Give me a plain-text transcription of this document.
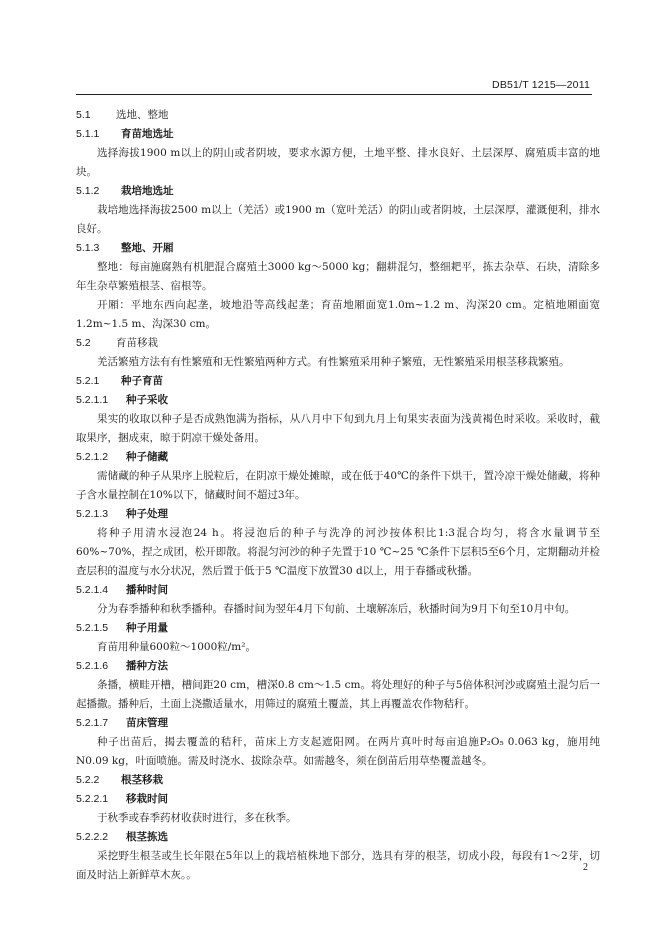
DB51/T 1215—2011
5.1 选地、整地
5.1.1 育苗地选址

选择海拔1900 m以上的阴山或者阴坡，要求水源方便，土地平整、排水良好、土层深厚、腐殖质丰富的地块。

5.1.2 栽培地选址

栽培地选择海拔2500 m以上（羌活）或1900 m（宽叶羌活）的阴山或者阴坡，土层深厚，灌溉便利，排水良好。

5.1.3 整地、开厢

整地：每亩施腐熟有机肥混合腐殖土3000 kg～5000 kg；翻耕混匀，整细耙平，拣去杂草、石块，清除多年生杂草繁殖根茎、宿根等。

开厢：平地东西向起垄，坡地沿等高线起垄；育苗地厢面宽1.0m~1.2 m、沟深20 cm。定植地厢面宽1.2m~1.5 m、沟深30 cm。

5.2 育苗移栽

羌活繁殖方法有有性繁殖和无性繁殖两种方式。有性繁殖采用种子繁殖，无性繁殖采用根茎移栽繁殖。

5.2.1 种子育苗
5.2.1.1 种子采收

果实的收取以种子是否成熟饱满为指标，从八月中下旬到九月上旬果实表面为浅黄褐色时采收。采收时，截取果序，捆成束，晾于阴凉干燥处备用。

5.2.1.2 种子储藏

需储藏的种子从果序上脱粒后，在阴凉干燥处摊晾，或在低于40℃的条件下烘干，置冷凉干燥处储藏，将种子含水量控制在10%以下，储藏时间不超过3年。

5.2.1.3 种子处理

将种子用清水浸泡24 h。将浸泡后的种子与洗净的河沙按体积比1:3混合均匀，将含水量调节至60%~70%，捏之成团，松开即散。将混匀河沙的种子先置于10 ℃~25 ℃条件下层积5至6个月，定期翻动并检查层积的温度与水分状况，然后置于低于5 ℃温度下放置30 d以上，用于春播或秋播。

5.2.1.4 播种时间

分为春季播种和秋季播种。春播时间为翌年4月下旬前、土壤解冻后，秋播时间为9月下旬至10月中旬。

5.2.1.5 种子用量

育苗用种量600粒～1000粒/m²。

5.2.1.6 播种方法

条播，横畦开槽，槽间距20 cm，槽深0.8 cm～1.5 cm。将处理好的种子与5倍体积河沙或腐殖土混匀后一起播撒。播种后，土面上浇撒适量水，用筛过的腐殖土覆盖，其上再覆盖农作物秸秆。

5.2.1.7 苗床管理

种子出苗后，揭去覆盖的秸秆，苗床上方支起遮阳网。在两片真叶时每亩追施P₂O₅ 0.063 kg，施用纯N0.09 kg，叶面喷施。需及时浇水、拔除杂草。如需越冬，须在倒苗后用草垫覆盖越冬。

5.2.2 根茎移栽
5.2.2.1 移栽时间

于秋季或春季药材收获时进行，多在秋季。

5.2.2.2 根茎拣选

采挖野生根茎或生长年限在5年以上的栽培植株地下部分，选具有芽的根茎，切成小段，每段有1～2芽，切面及时沾上新鲜草木灰。。

2
